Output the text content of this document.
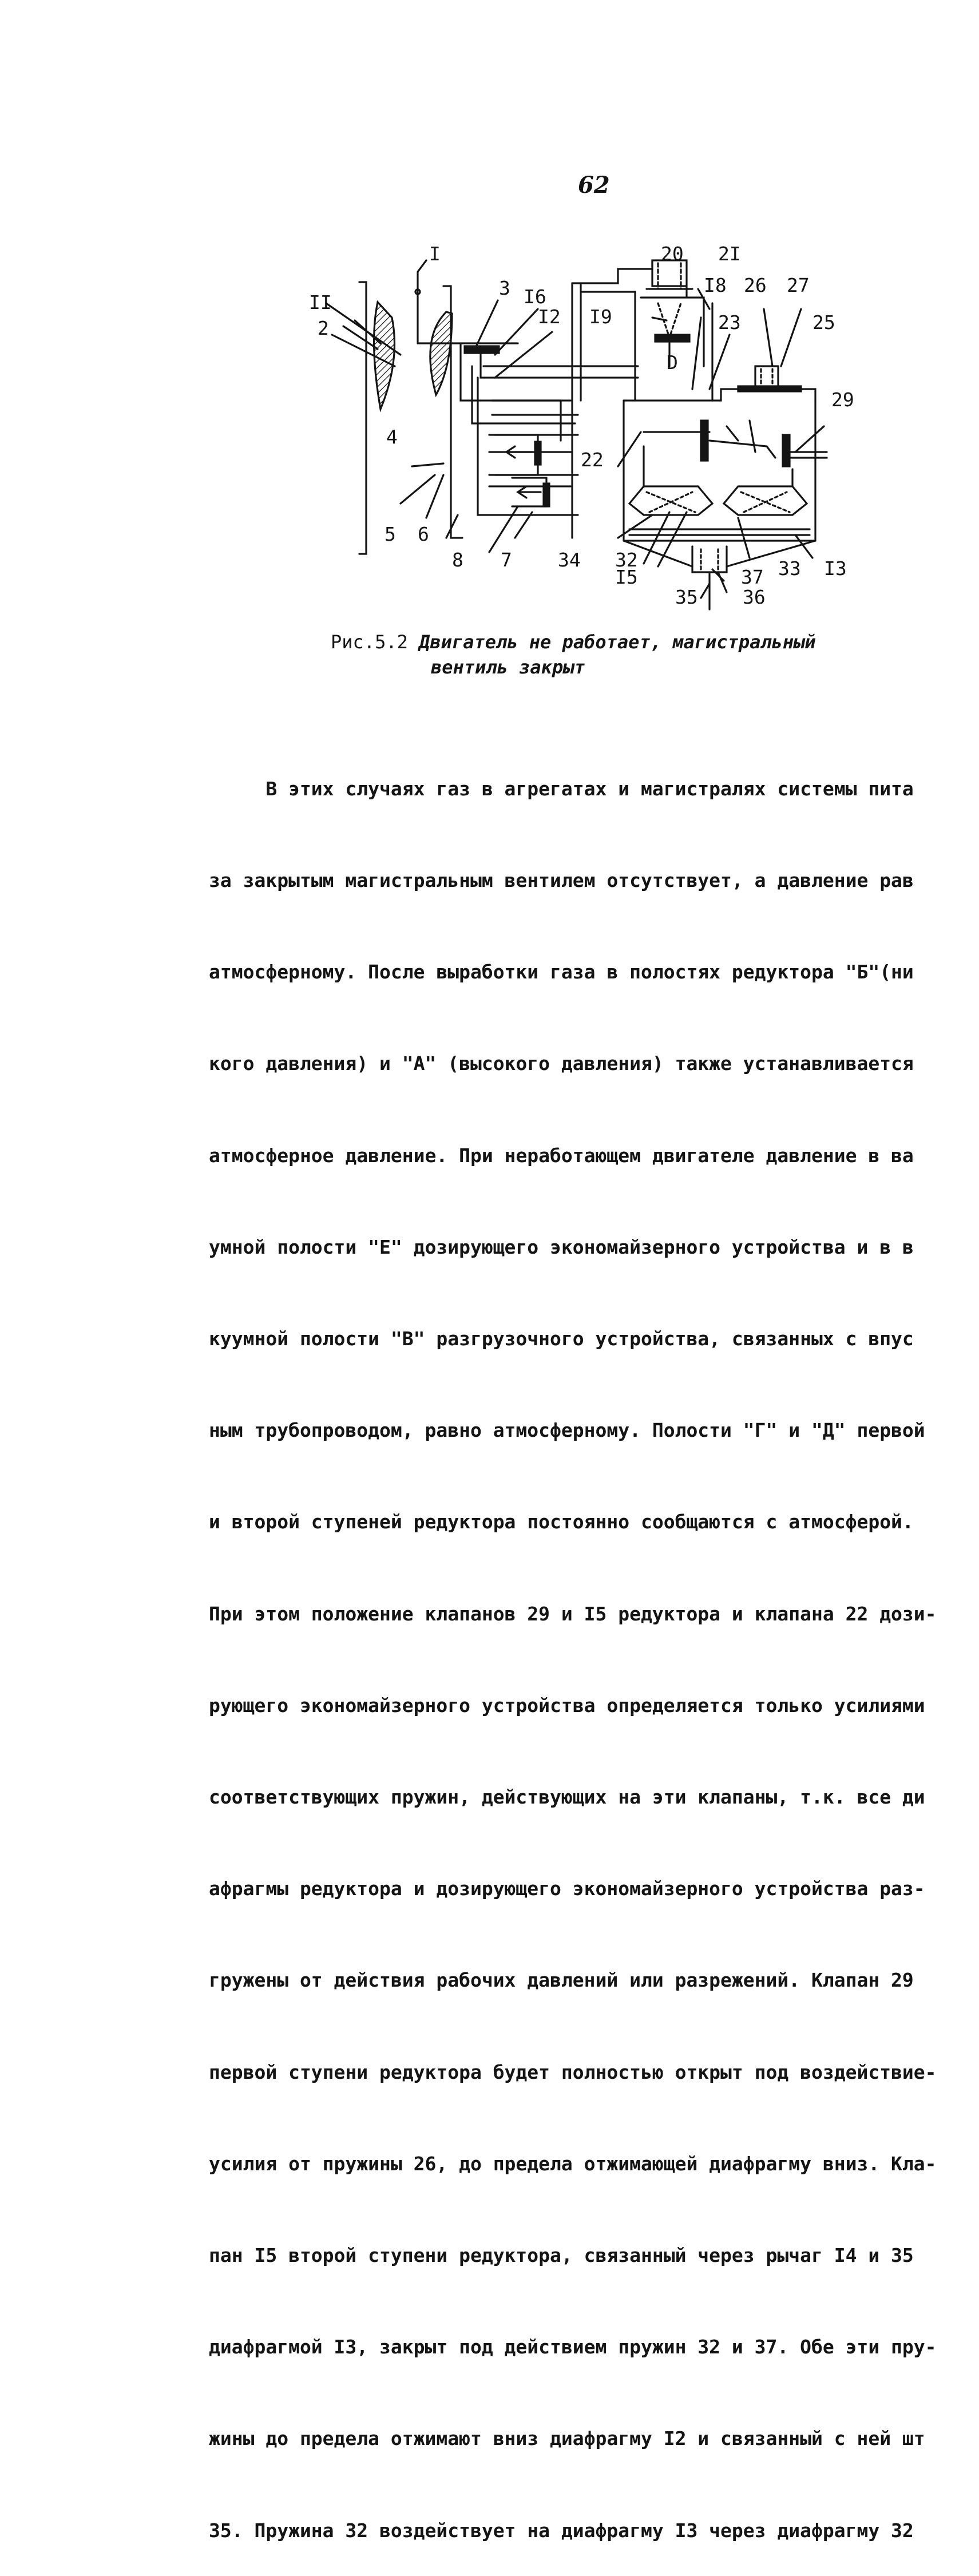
62
I
II
2
3 I6
I2 I9
20 2I
I8 26 27
23	25
29
4
22
5 6
8 7 34 32
I5	37 33 I3
35 36
D
Рис.5.2 Двигатель не работает, магистральный
вентиль закрыт

В этих случаях газ в агрегатах и магистралях системы пита

за закрытым магистральным вентилем отсутствует, а давление рав

атмосферному. После выработки газа в полостях редуктора "Б"(ни

кого давления) и "А" (высокого давления) также устанавливается

атмосферное давление. При неработающем двигателе давление в ва

умной полости "Е" дозирующего экономайзерного устройства и в в

куумной полости "В" разгрузочного устройства, связанных с впус

ным трубопроводом, равно атмосферному. Полости "Г" и "Д" первой

и второй ступеней редуктора постоянно сообщаются с атмосферой.

При этом положение клапанов 29 и I5 редуктора и клапана 22 дози-

рующего экономайзерного устройства определяется только усилиями

соответствующих пружин, действующих на эти клапаны, т.к. все ди

афрагмы редуктора и дозирующего экономайзерного устройства раз-

гружены от действия рабочих давлений или разрежений. Клапан 29

первой ступени редуктора будет полностью открыт под воздействие-

усилия от пружины 26, до предела отжимающей диафрагму вниз. Кла-

пан I5 второй ступени редуктора, связанный через рычаг I4 и 35

диафрагмой I3, закрыт под действием пружин 32 и 37. Обе эти пру-

жины до предела отжимают вниз диафрагму I2 и связанный с ней шт

35. Пружина 32 воздействует на диафрагму I3 через диафрагму 32
